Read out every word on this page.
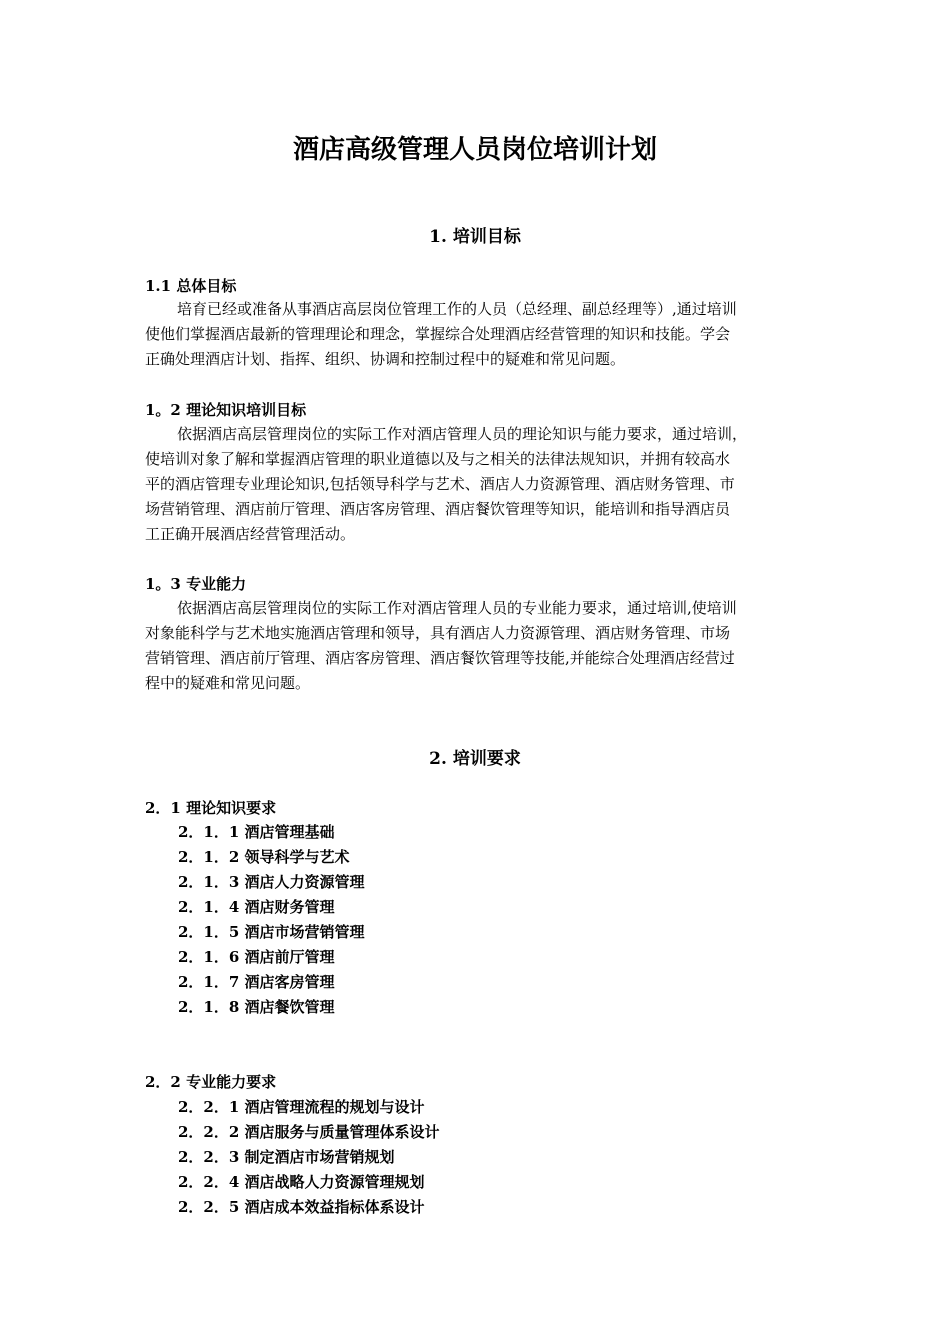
酒店高级管理人员岗位培训计划
1. 培训目标
1.1 总体目标
培育已经或准备从事酒店高层岗位管理工作的人员（总经理、副总经理等）,通过培训
使他们掌握酒店最新的管理理论和理念，掌握综合处理酒店经营管理的知识和技能。学会
正确处理酒店计划、指挥、组织、协调和控制过程中的疑难和常见问题。
1。2 理论知识培训目标
依据酒店高层管理岗位的实际工作对酒店管理人员的理论知识与能力要求，通过培训，
使培训对象了解和掌握酒店管理的职业道德以及与之相关的法律法规知识，并拥有较高水
平的酒店管理专业理论知识,包括领导科学与艺术、酒店人力资源管理、酒店财务管理、市
场营销管理、酒店前厅管理、酒店客房管理、酒店餐饮管理等知识，能培训和指导酒店员
工正确开展酒店经营管理活动。
1。3 专业能力
依据酒店高层管理岗位的实际工作对酒店管理人员的专业能力要求，通过培训,使培训
对象能科学与艺术地实施酒店管理和领导，具有酒店人力资源管理、酒店财务管理、市场
营销管理、酒店前厅管理、酒店客房管理、酒店餐饮管理等技能,并能综合处理酒店经营过
程中的疑难和常见问题。
2. 培训要求
2．1 理论知识要求
2．1．1 酒店管理基础
2．1．2 领导科学与艺术
2．1．3 酒店人力资源管理
2．1．4 酒店财务管理
2．1．5 酒店市场营销管理
2．1．6 酒店前厅管理
2．1．7 酒店客房管理
2．1．8 酒店餐饮管理
2．2 专业能力要求
2．2．1 酒店管理流程的规划与设计
2．2．2 酒店服务与质量管理体系设计
2．2．3 制定酒店市场营销规划
2．2．4 酒店战略人力资源管理规划
2．2．5 酒店成本效益指标体系设计
